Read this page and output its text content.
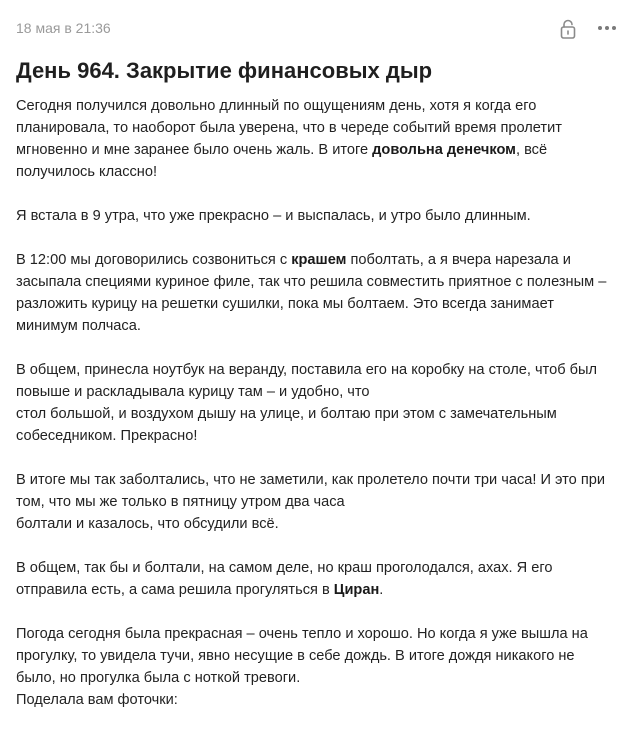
18 мая в 21:36
День 964. Закрытие финансовых дыр

Сегодня получился довольно длинный по ощущениям день, хотя я когда его планировала, то наоборот была уверена, что в череде событий время пролетит мгновенно и мне заранее было очень жаль. В итоге довольна денечком, всё получилось классно!

Я встала в 9 утра, что уже прекрасно – и выспалась, и утро было длинным.

В 12:00 мы договорились созвониться с крашем поболтать, а я вчера нарезала и засыпала специями куриное филе, так что решила совместить приятное с полезным – разложить курицу на решетки сушилки, пока мы болтаем. Это всегда занимает минимум полчаса.

В общем, принесла ноутбук на веранду, поставила его на коробку на столе, чтоб был повыше и раскладывала курицу там – и удобно, что
стол большой, и воздухом дышу на улице, и болтаю при этом с замечательным собеседником. Прекрасно!

В итоге мы так заболтались, что не заметили, как пролетело почти три часа! И это при том, что мы же только в пятницу утром два часа
болтали и казалось, что обсудили всё.

В общем, так бы и болтали, на самом деле, но краш проголодался, ахах. Я его отправила есть, а сама решила прогуляться в Циран.

Погода сегодня была прекрасная – очень тепло и хорошо. Но когда я уже вышла на прогулку, то увидела тучи, явно несущие в себе дождь. В итоге дождя никакого не было, но прогулка была с ноткой тревоги.

Поделала вам фоточки:
